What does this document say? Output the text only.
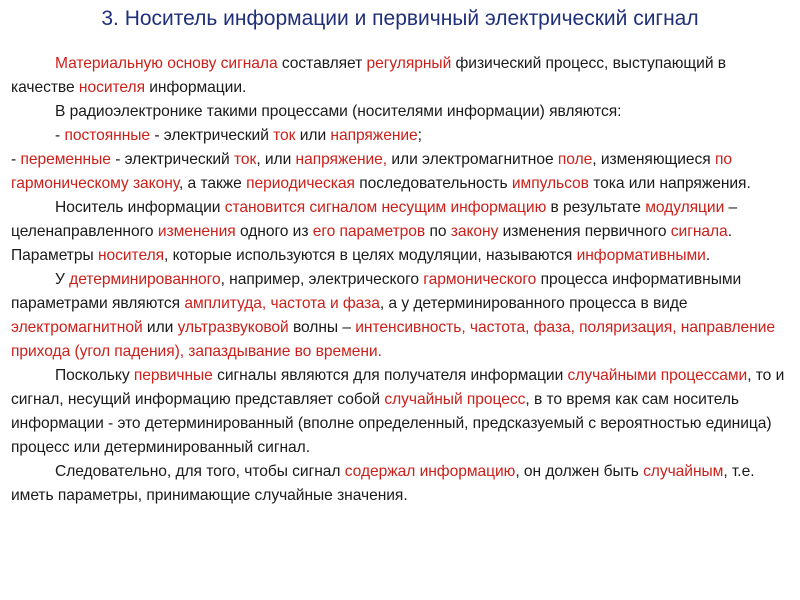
3. Носитель информации и первичный электрический сигнал

Материальную основу сигнала составляет регулярный физический процесс, выступающий в качестве носителя информации.

В радиоэлектронике такими процессами (носителями информации) являются:

- постоянные - электрический ток или напряжение;

- переменные - электрический ток, или напряжение, или электромагнитное поле, изменяющиеся по гармоническому закону, а также периодическая последовательность импульсов тока или напряжения.

Носитель информации становится сигналом несущим информацию в результате модуляции – целенаправленного изменения одного из его параметров по закону изменения первичного сигнала. Параметры носителя, которые используются в целях модуляции, называются информативными.

У детерминированного, например, электрического гармонического процесса информативными параметрами являются амплитуда, частота и фаза, а у детерминированного процесса в виде электромагнитной или ультразвуковой волны – интенсивность, частота, фаза, поляризация, направление прихода (угол падения), запаздывание во времени.

Поскольку первичные сигналы являются для получателя информации случайными процессами, то и сигнал, несущий информацию представляет собой случайный процесс, в то время как сам носитель информации - это детерминированный (вполне определенный, предсказуемый с вероятностью единица) процесс или детерминированный сигнал.

Следовательно, для того, чтобы сигнал содержал информацию, он должен быть случайным, т.е. иметь параметры, принимающие случайные значения.
